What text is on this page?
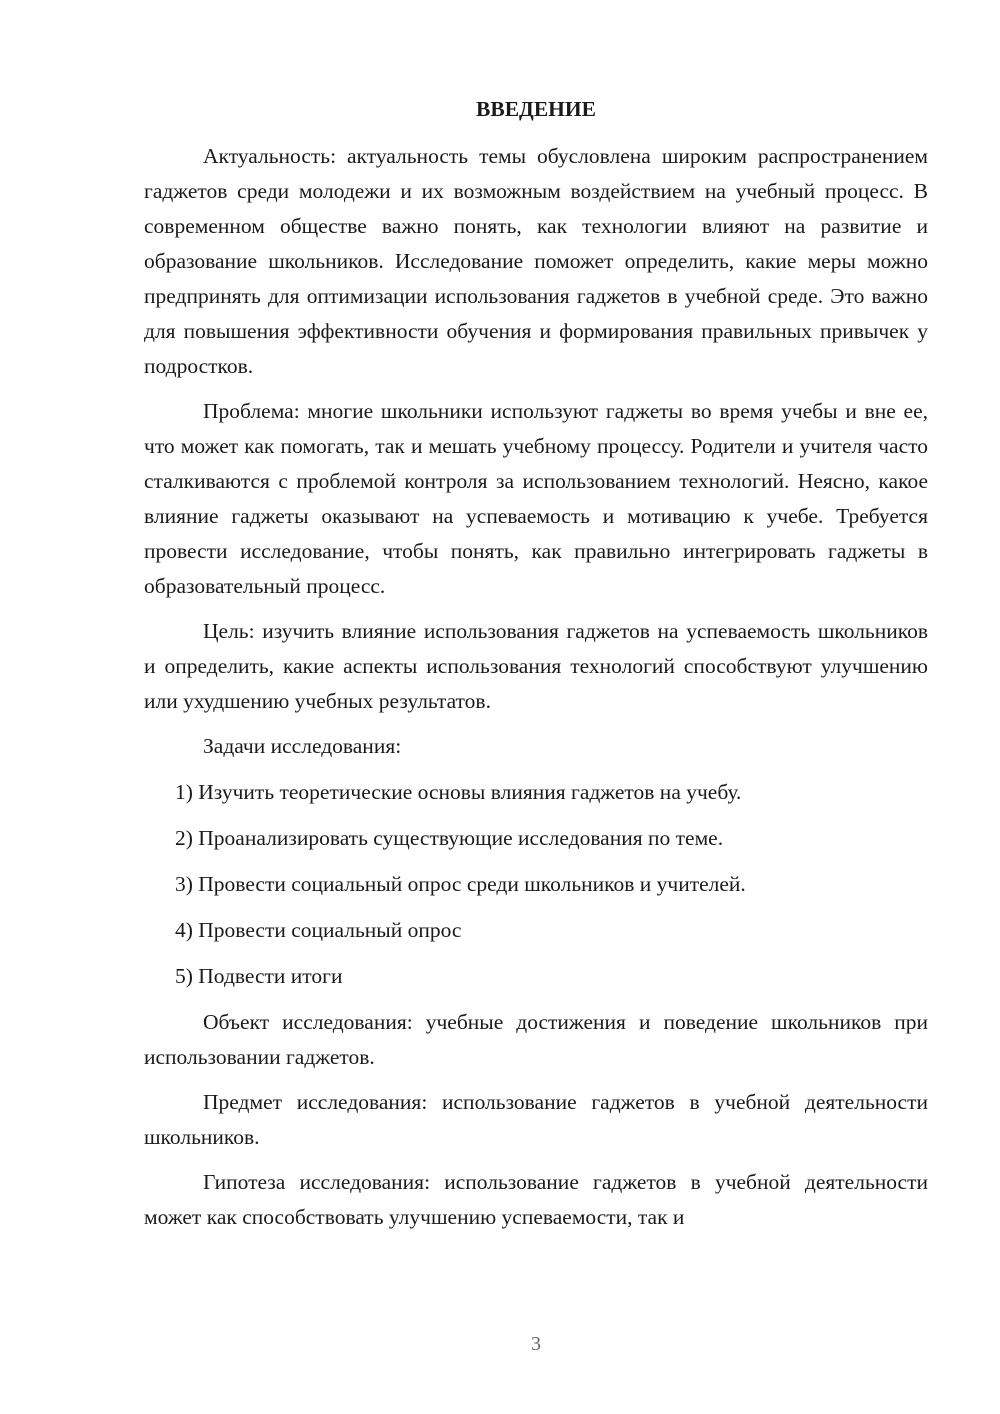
ВВЕДЕНИЕ

Актуальность: актуальность темы обусловлена широким распространением гаджетов среди молодежи и их возможным воздействием на учебный процесс. В современном обществе важно понять, как технологии влияют на развитие и образование школьников. Исследование поможет определить, какие меры можно предпринять для оптимизации использования гаджетов в учебной среде. Это важно для повышения эффективности обучения и формирования правильных привычек у подростков.

Проблема: многие школьники используют гаджеты во время учебы и вне ее, что может как помогать, так и мешать учебному процессу. Родители и учителя часто сталкиваются с проблемой контроля за использованием технологий. Неясно, какое влияние гаджеты оказывают на успеваемость и мотивацию к учебе. Требуется провести исследование, чтобы понять, как правильно интегрировать гаджеты в образовательный процесс.

Цель: изучить влияние использования гаджетов на успеваемость школьников и определить, какие аспекты использования технологий способствуют улучшению или ухудшению учебных результатов.

Задачи исследования:

1) Изучить теоретические основы влияния гаджетов на учебу.
2) Проанализировать существующие исследования по теме.
3) Провести социальный опрос среди школьников и учителей.
4) Провести социальный опрос
5) Подвести итоги

Объект исследования: учебные достижения и поведение школьников при использовании гаджетов.

Предмет исследования: использование гаджетов в учебной деятельности школьников.

Гипотеза исследования: использование гаджетов в учебной деятельности может как способствовать улучшению успеваемости, так и

3
